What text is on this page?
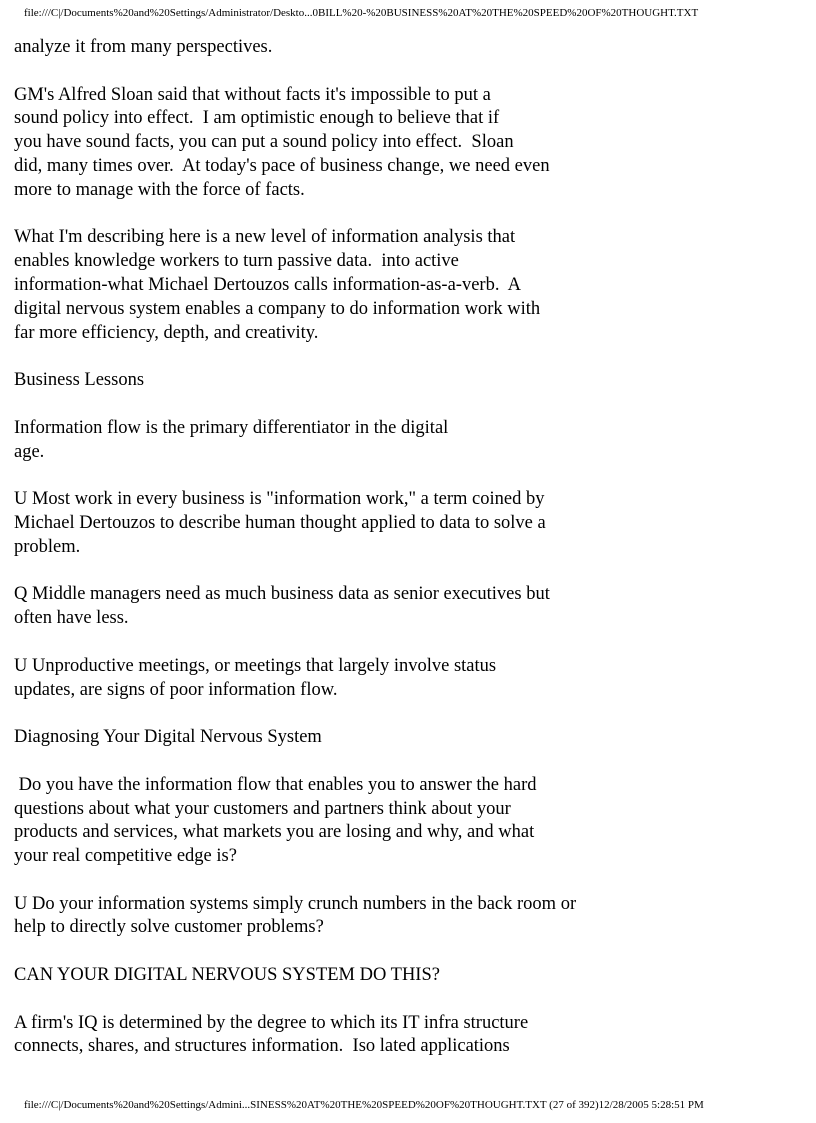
file:///C|/Documents%20and%20Settings/Administrator/Deskto...0BILL%20-%20BUSINESS%20AT%20THE%20SPEED%20OF%20THOUGHT.TXT

analyze it from many perspectives.

GM's Alfred Sloan said that without facts it's impossible to put a
sound policy into effect.  I am optimistic enough to believe that if
you have sound facts, you can put a sound policy into effect.  Sloan
did, many times over.  At today's pace of business change, we need even
more to manage with the force of facts.

What I'm describing here is a new level of information analysis that
enables knowledge workers to turn passive data.  into active
information-what Michael Dertouzos calls information-as-a-verb.  A
digital nervous system enables a company to do information work with
far more efficiency, depth, and creativity.

Business Lessons

Information flow is the primary differentiator in the digital
age.

U Most work in every business is "information work," a term coined by
Michael Dertouzos to describe human thought applied to data to solve a
problem.

Q Middle managers need as much business data as senior executives but
often have less.

U Unproductive meetings, or meetings that largely involve status
updates, are signs of poor information flow.

Diagnosing Your Digital Nervous System

Do you have the information flow that enables you to answer the hard
questions about what your customers and partners think about your
products and services, what markets you are losing and why, and what
your real competitive edge is?

U Do your information systems simply crunch numbers in the back room or
help to directly solve customer problems?

CAN YOUR DIGITAL NERVOUS SYSTEM DO THIS?

A firm's IQ is determined by the degree to which its IT infra structure
connects, shares, and structures information.  Iso lated applications

file:///C|/Documents%20and%20Settings/Admini...SINESS%20AT%20THE%20SPEED%20OF%20THOUGHT.TXT (27 of 392)12/28/2005 5:28:51 PM
